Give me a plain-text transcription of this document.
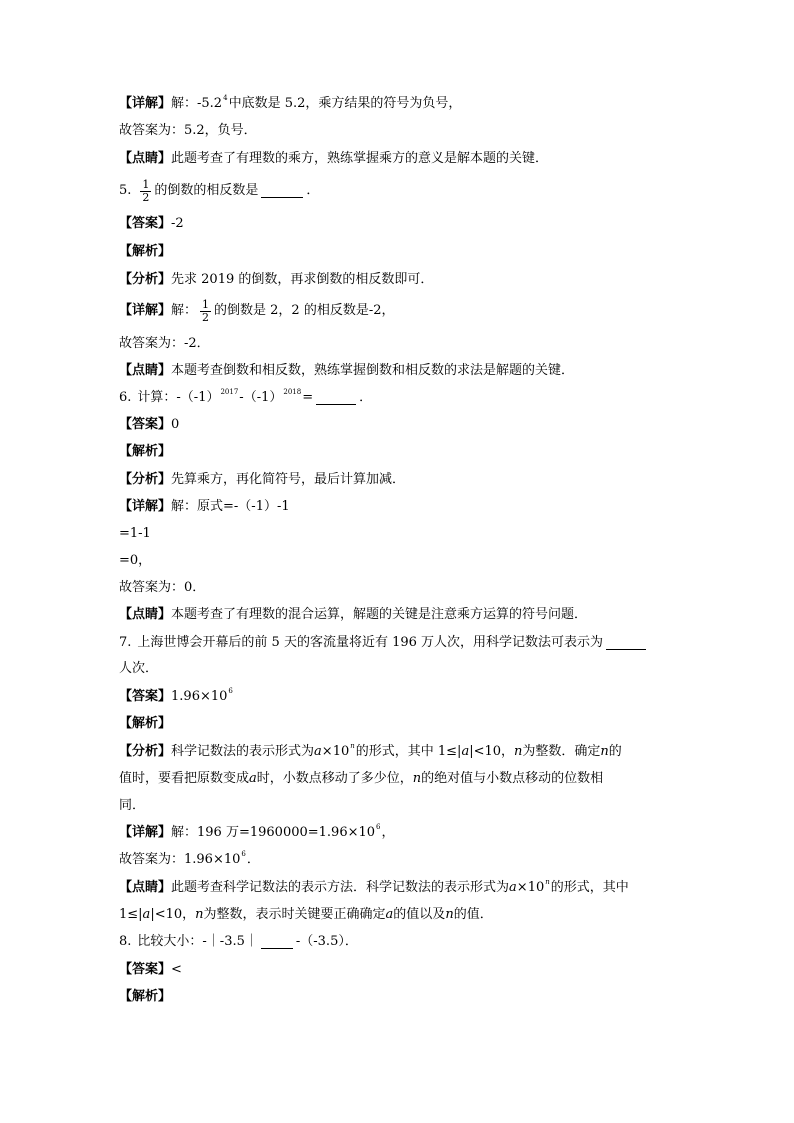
【详解】 解：-5.2 4 中底数是 5.2，乘方结果的符号为负号，
故答案为：5.2，负号．
【点睛】 此题考查了有理数的乘方，熟练掌握乘方的意义是解本题的关键．
5. $\frac{1}{2}$ 的倒数的相反数是	．
【答案】 -2
【解析】
【分析】 先求 2019 的倒数，再求倒数的相反数即可．
【详解】 解： $\frac{1}{2}$ 的倒数是 2，2 的相反数是-2，
故答案为：-2．
【点睛】 本题考查倒数和相反数，熟练掌握倒数和相反数的求法是解题的关键．
6. 计算：-（-1） 2017 -（-1） 2018 =	．
【答案】 0
【解析】
【分析】 先算乘方，再化简符号，最后计算加减．
【详解】 解：原式=-（-1）-1
=1-1
=0，
故答案为：0．
【点睛】 本题考查了有理数的混合运算，解题的关键是注意乘方运算的符号问题．
7. 上海世博会开幕后的前 5 天的客流量将近有 196 万人次，用科学记数法可表示为
人次．
【答案】 1.96×10 6
【解析】
【分析】 科学记数法的表示形式为 a ×10 n 的形式，其中 1≤| a |<10， n 为整数．确定 n 的
值时，要看把原数变成 a 时，小数点移动了多少位， n 的绝对值与小数点移动的位数相
同．
【详解】 解：196 万=1960000=1.96×10 6 ，
故答案为：1.96×10 6 ．
【点睛】 此题考查科学记数法的表示方法．科学记数法的表示形式为 a ×10 n 的形式，其中
1≤| a |<10， n 为整数，表示时关键要正确确定 a 的值以及 n 的值．
8. 比较大小：-｜-3.5｜	-（-3.5）．
【答案】 <
【解析】
